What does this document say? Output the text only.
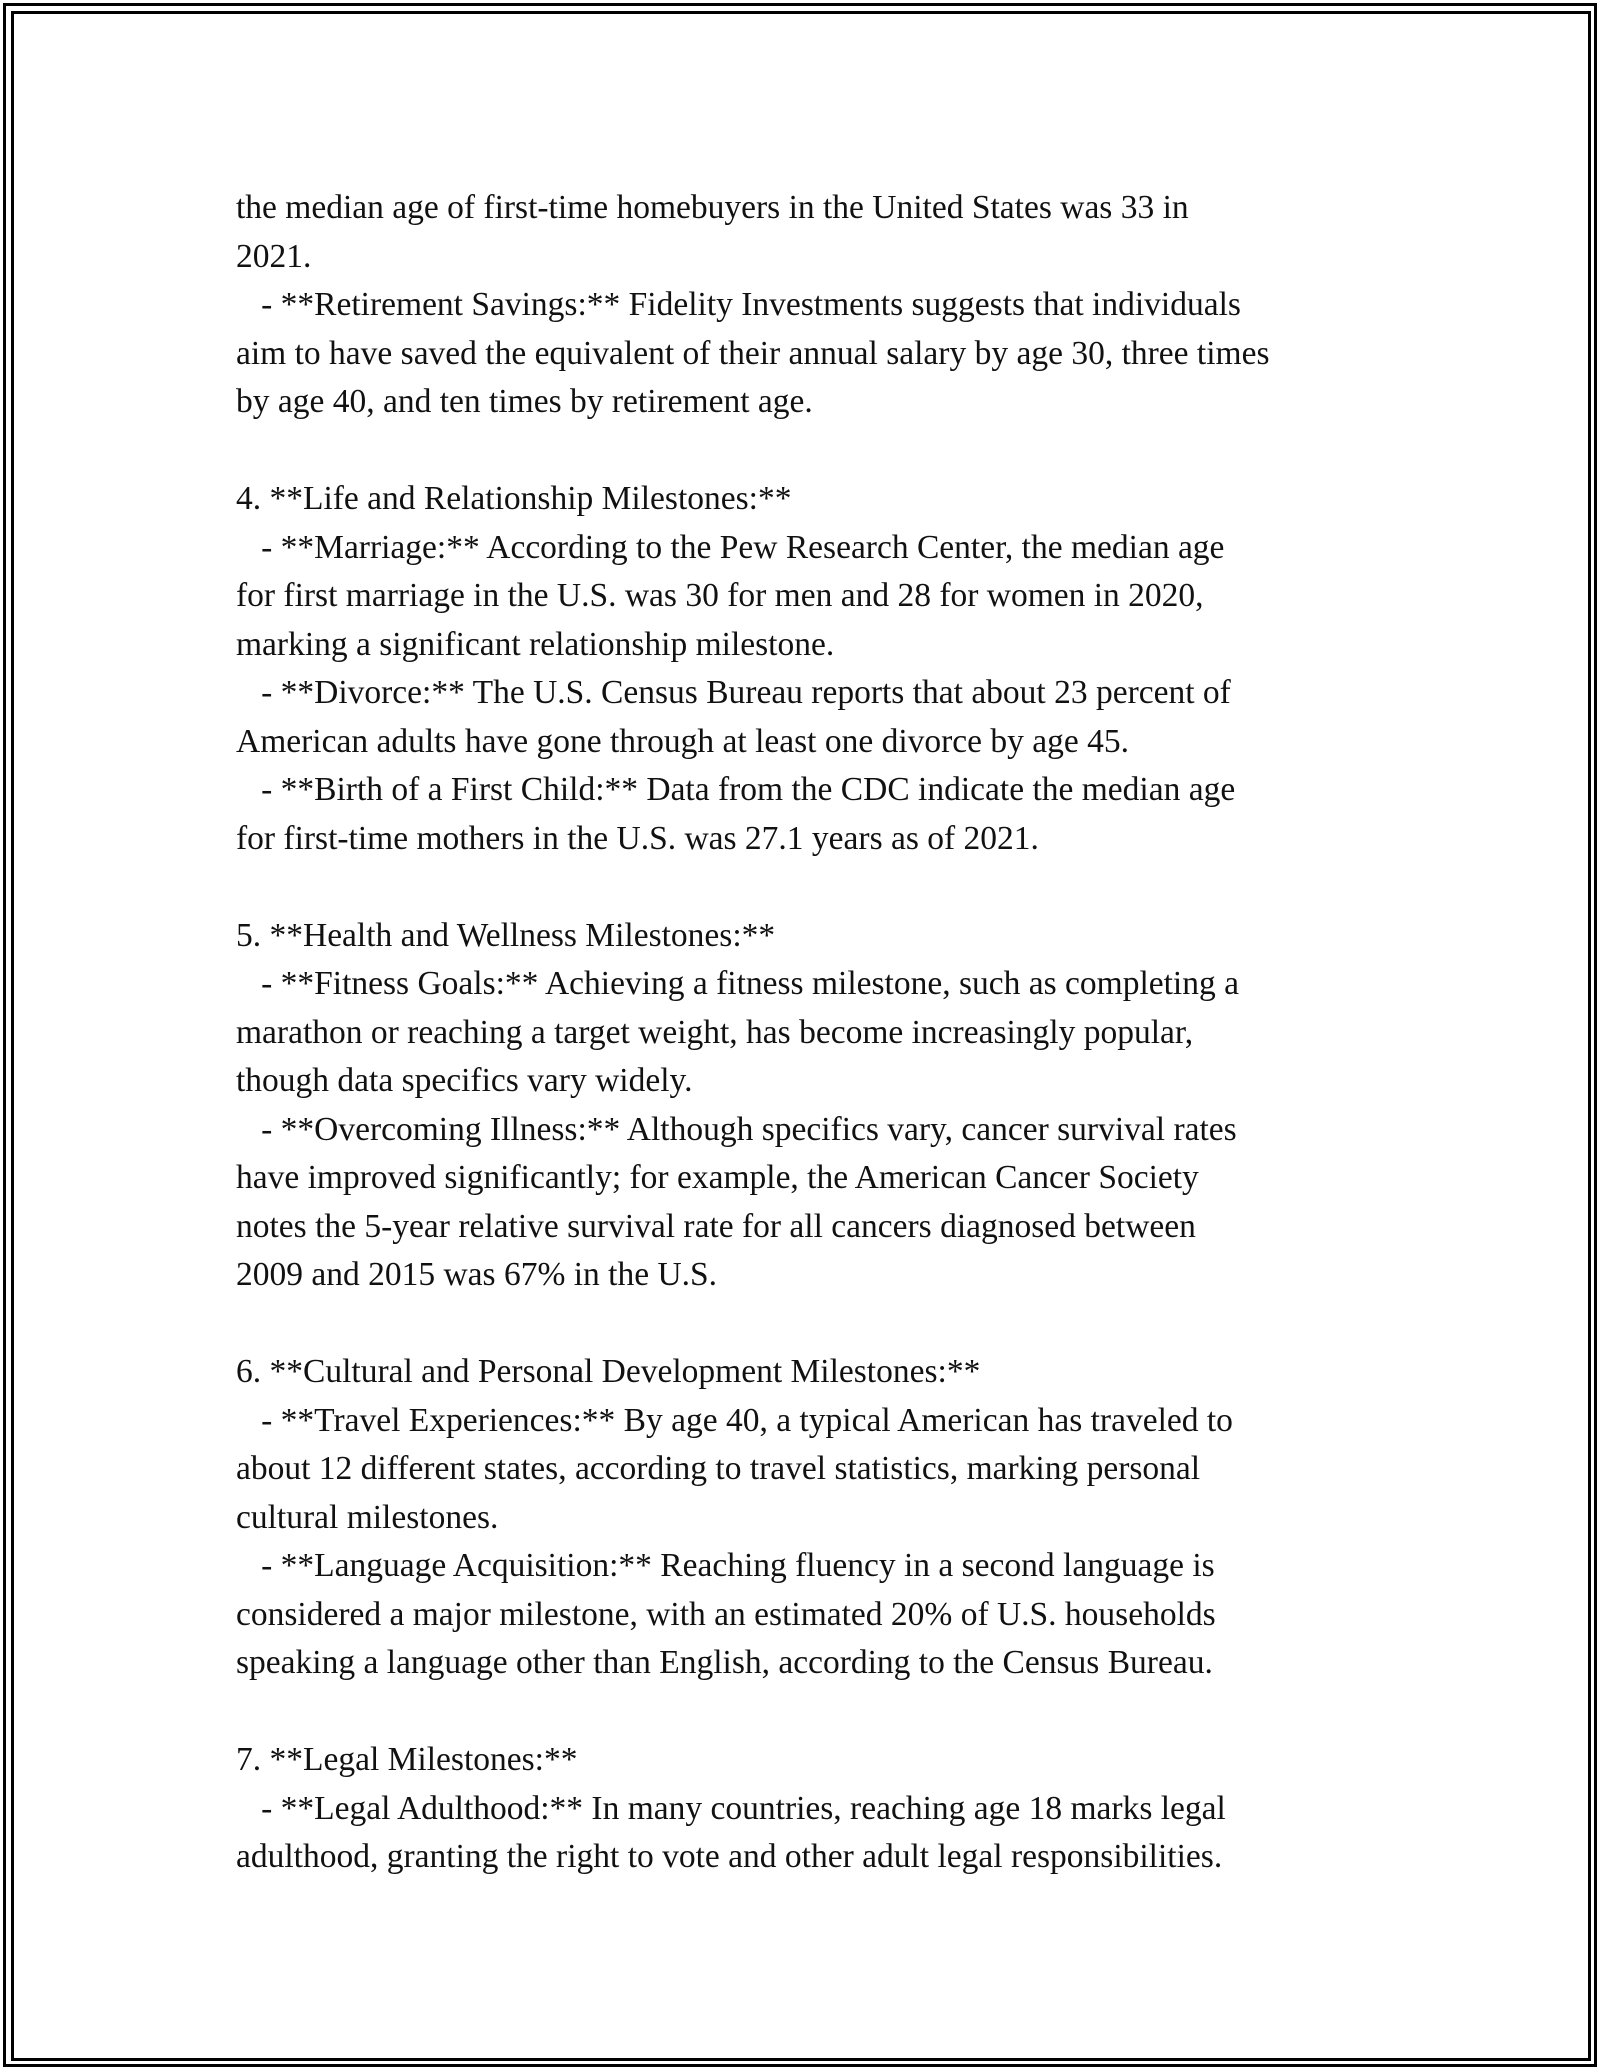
the median age of first-time homebuyers in the United States was 33 in
2021.
- **Retirement Savings:** Fidelity Investments suggests that individuals
aim to have saved the equivalent of their annual salary by age 30, three times
by age 40, and ten times by retirement age.
4. **Life and Relationship Milestones:**
- **Marriage:** According to the Pew Research Center, the median age
for first marriage in the U.S. was 30 for men and 28 for women in 2020,
marking a significant relationship milestone.
- **Divorce:** The U.S. Census Bureau reports that about 23 percent of
American adults have gone through at least one divorce by age 45.
- **Birth of a First Child:** Data from the CDC indicate the median age
for first-time mothers in the U.S. was 27.1 years as of 2021.
5. **Health and Wellness Milestones:**
- **Fitness Goals:** Achieving a fitness milestone, such as completing a
marathon or reaching a target weight, has become increasingly popular,
though data specifics vary widely.
- **Overcoming Illness:** Although specifics vary, cancer survival rates
have improved significantly; for example, the American Cancer Society
notes the 5-year relative survival rate for all cancers diagnosed between
2009 and 2015 was 67% in the U.S.
6. **Cultural and Personal Development Milestones:**
- **Travel Experiences:** By age 40, a typical American has traveled to
about 12 different states, according to travel statistics, marking personal
cultural milestones.
- **Language Acquisition:** Reaching fluency in a second language is
considered a major milestone, with an estimated 20% of U.S. households
speaking a language other than English, according to the Census Bureau.
7. **Legal Milestones:**
- **Legal Adulthood:** In many countries, reaching age 18 marks legal
adulthood, granting the right to vote and other adult legal responsibilities.
